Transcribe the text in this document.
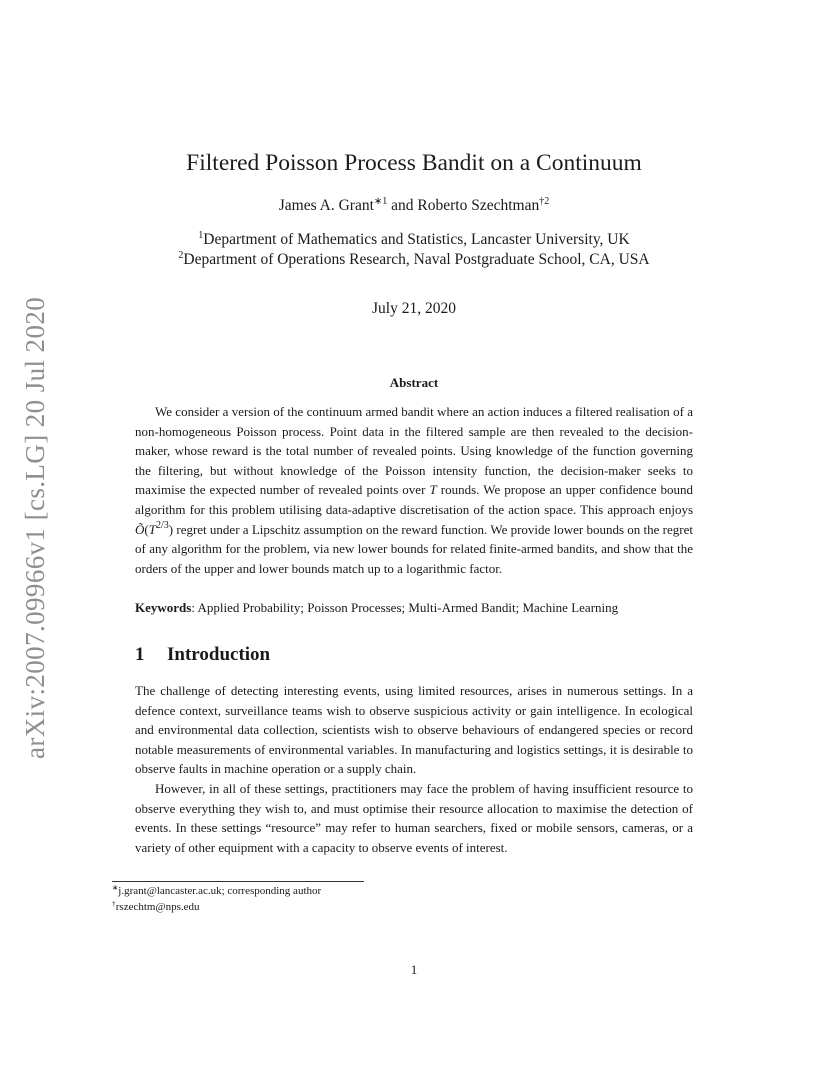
arXiv:2007.09966v1 [cs.LG] 20 Jul 2020
Filtered Poisson Process Bandit on a Continuum
James A. Grant$^{∗1}$ and Roberto Szechtman$^{\dagger 2}$
$^1$Department of Mathematics and Statistics, Lancaster University, UK
$^2$Department of Operations Research, Naval Postgraduate School, CA, USA
July 21, 2020
Abstract

We consider a version of the continuum armed bandit where an action induces a filtered realisation of a non-homogeneous Poisson process. Point data in the filtered sample are then revealed to the decision-maker, whose reward is the total number of revealed points. Using knowledge of the function governing the filtering, but without knowledge of the Poisson intensity function, the decision-maker seeks to maximise the expected number of revealed points over T rounds. We propose an upper confidence bound algorithm for this problem utilising data-adaptive discretisation of the action space. This approach enjoys $Õ(T^{2/3})$ regret under a Lipschitz assumption on the reward function. We provide lower bounds on the regret of any algorithm for the problem, via new lower bounds for related finite-armed bandits, and show that the orders of the upper and lower bounds match up to a logarithmic factor.

Keywords: Applied Probability; Poisson Processes; Multi-Armed Bandit; Machine Learning
1 Introduction

The challenge of detecting interesting events, using limited resources, arises in numerous settings. In a defence context, surveillance teams wish to observe suspicious activity or gain intelligence. In ecological and environmental data collection, scientists wish to observe behaviours of endangered species or record notable measurements of environmental variables. In manufacturing and logistics settings, it is desirable to observe faults in machine operation or a supply chain.

However, in all of these settings, practitioners may face the problem of having insufficient resource to observe everything they wish to, and must optimise their resource allocation to maximise the detection of events. In these settings “resource” may refer to human searchers, fixed or mobile sensors, cameras, or a variety of other equipment with a capacity to observe events of interest.

∗j.grant@lancaster.ac.uk; corresponding author
†rszechtm@nps.edu
1
